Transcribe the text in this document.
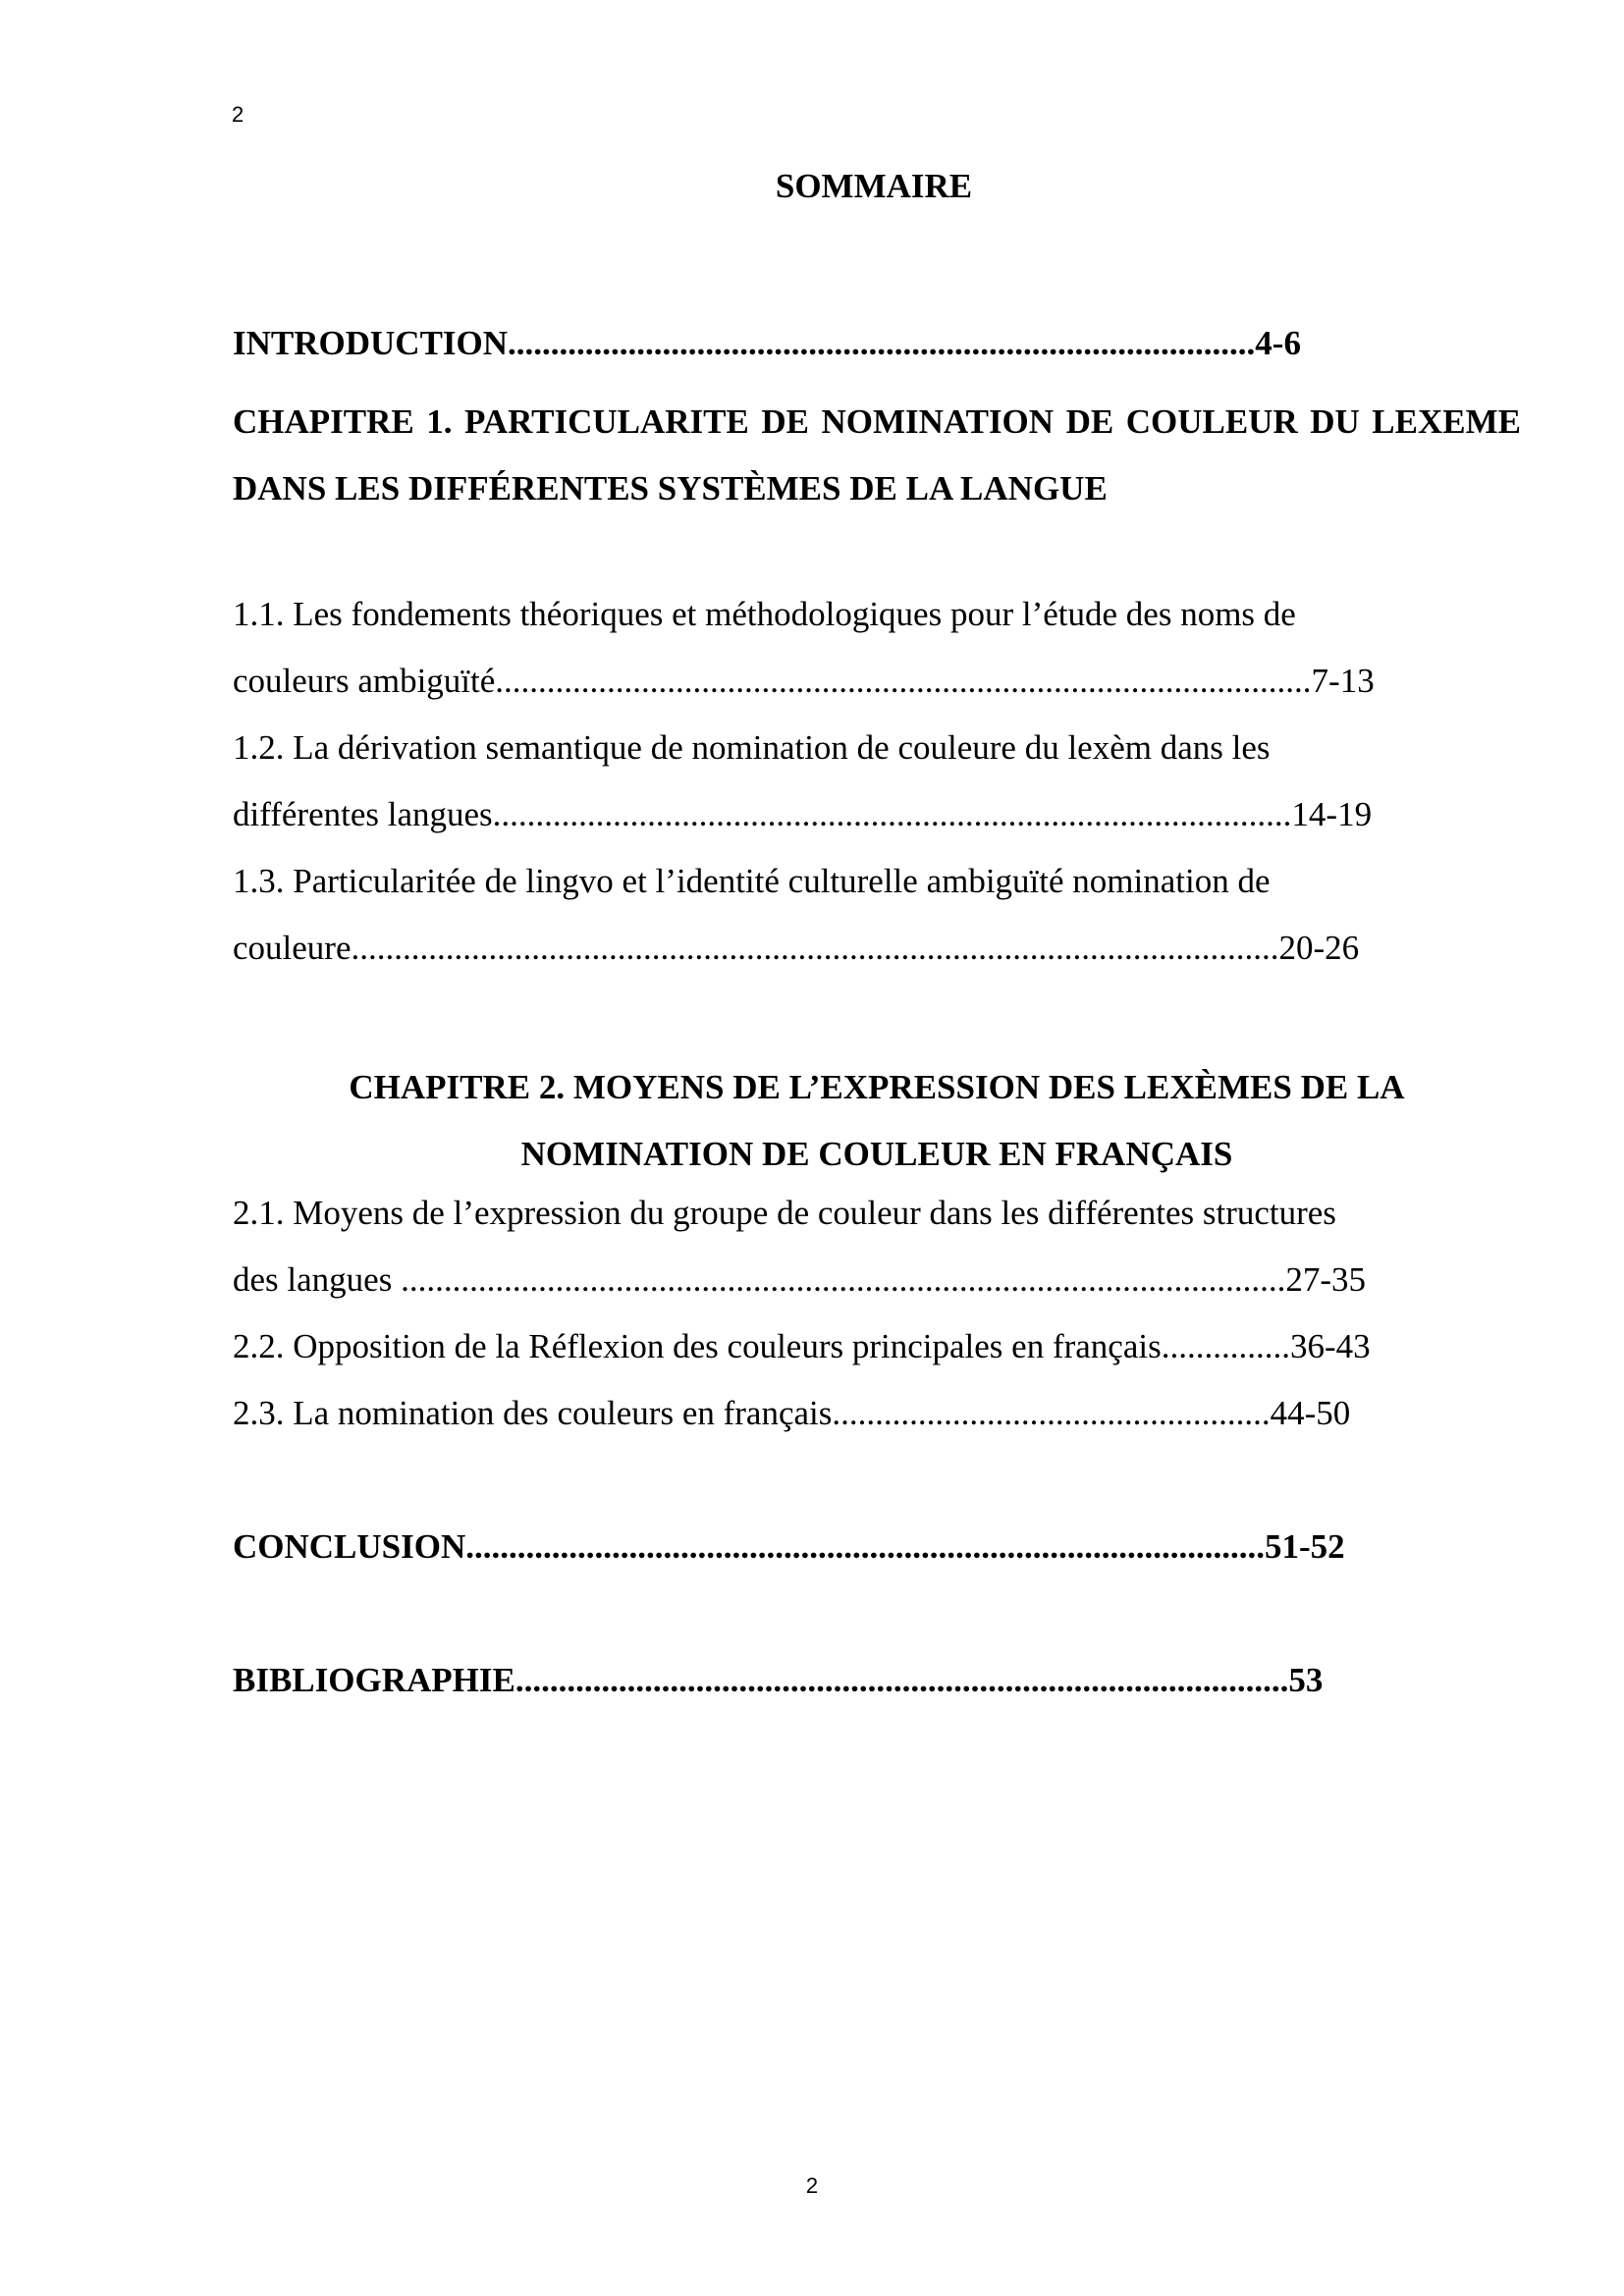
2
SOMMAIRE
INTRODUCTION.......................................................................................4-6
CHAPITRE 1. PARTICULARITE DE NOMINATION DE COULEUR DU LEXEME DANS LES DIFFÉRENTES SYSTÈMES DE LA LANGUE
1.1. Les fondements théoriques et méthodologiques pour l’étude des noms de
couleurs ambiguïté...............................................................................................7-13
1.2. La dérivation semantique de nomination de couleure du lexèm dans les
différentes langues.............................................................................................14-19
1.3. Particularitée de lingvo et l’identité culturelle ambiguïté nomination de
couleure............................................................................................................20-26
CHAPITRE 2. MOYENS DE L’EXPRESSION DES LEXÈMES DE LA NOMINATION DE COULEUR EN FRANÇAIS
2.1. Moyens de l’expression du groupe de couleur dans les différentes structures
des langues .......................................................................................................27-35
2.2. Opposition de la Réflexion des couleurs principales en français...............36-43
2.3. La nomination des couleurs en français...................................................44-50
CONCLUSION.............................................................................................51-52
BIBLIOGRAPHIE..........................................................................................53
2
